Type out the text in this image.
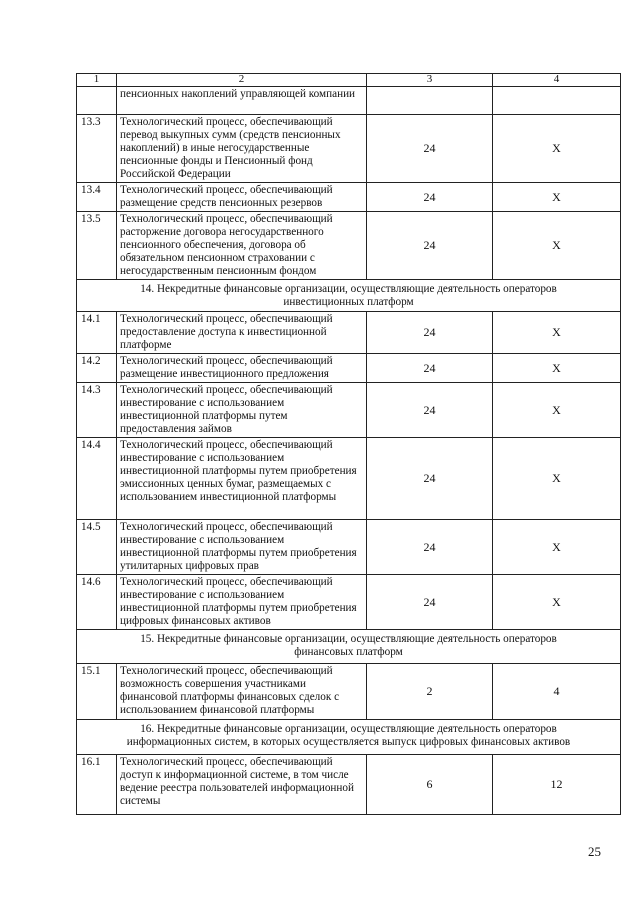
1	2	3	4
	пенсионных накоплений управляющей компании		
13.3	Технологический процесс, обеспечивающий перевод выкупных сумм (средств пенсионных накоплений) в иные негосударственные пенсионные фонды и Пенсионный фонд Российской Федерации	24	X
13.4	Технологический процесс, обеспечивающий размещение средств пенсионных резервов	24	X
13.5	Технологический процесс, обеспечивающий расторжение договора негосударственного пенсионного обеспечения, договора об обязательном пенсионном страховании с негосударственным пенсионным фондом	24	X
14. Некредитные финансовые организации, осуществляющие деятельность операторов инвестиционных платформ			
14.1	Технологический процесс, обеспечивающий предоставление доступа к инвестиционной платформе	24	X
14.2	Технологический процесс, обеспечивающий размещение инвестиционного предложения	24	X
14.3	Технологический процесс, обеспечивающий инвестирование с использованием инвестиционной платформы путем предоставления займов	24	X
14.4	Технологический процесс, обеспечивающий инвестирование с использованием инвестиционной платформы путем приобретения эмиссионных ценных бумаг, размещаемых с использованием инвестиционной платформы	24	X
14.5	Технологический процесс, обеспечивающий инвестирование с использованием инвестиционной платформы путем приобретения утилитарных цифровых прав	24	X
14.6	Технологический процесс, обеспечивающий инвестирование с использованием инвестиционной платформы путем приобретения цифровых финансовых активов	24	X
15. Некредитные финансовые организации, осуществляющие деятельность операторов финансовых платформ			
15.1	Технологический процесс, обеспечивающий возможность совершения участниками финансовой платформы финансовых сделок с использованием финансовой платформы	2	4
16. Некредитные финансовые организации, осуществляющие деятельность операторов информационных систем, в которых осуществляется выпуск цифровых финансовых активов			
16.1	Технологический процесс, обеспечивающий доступ к информационной системе, в том числе ведение реестра пользователей информационной системы	6	12
25
